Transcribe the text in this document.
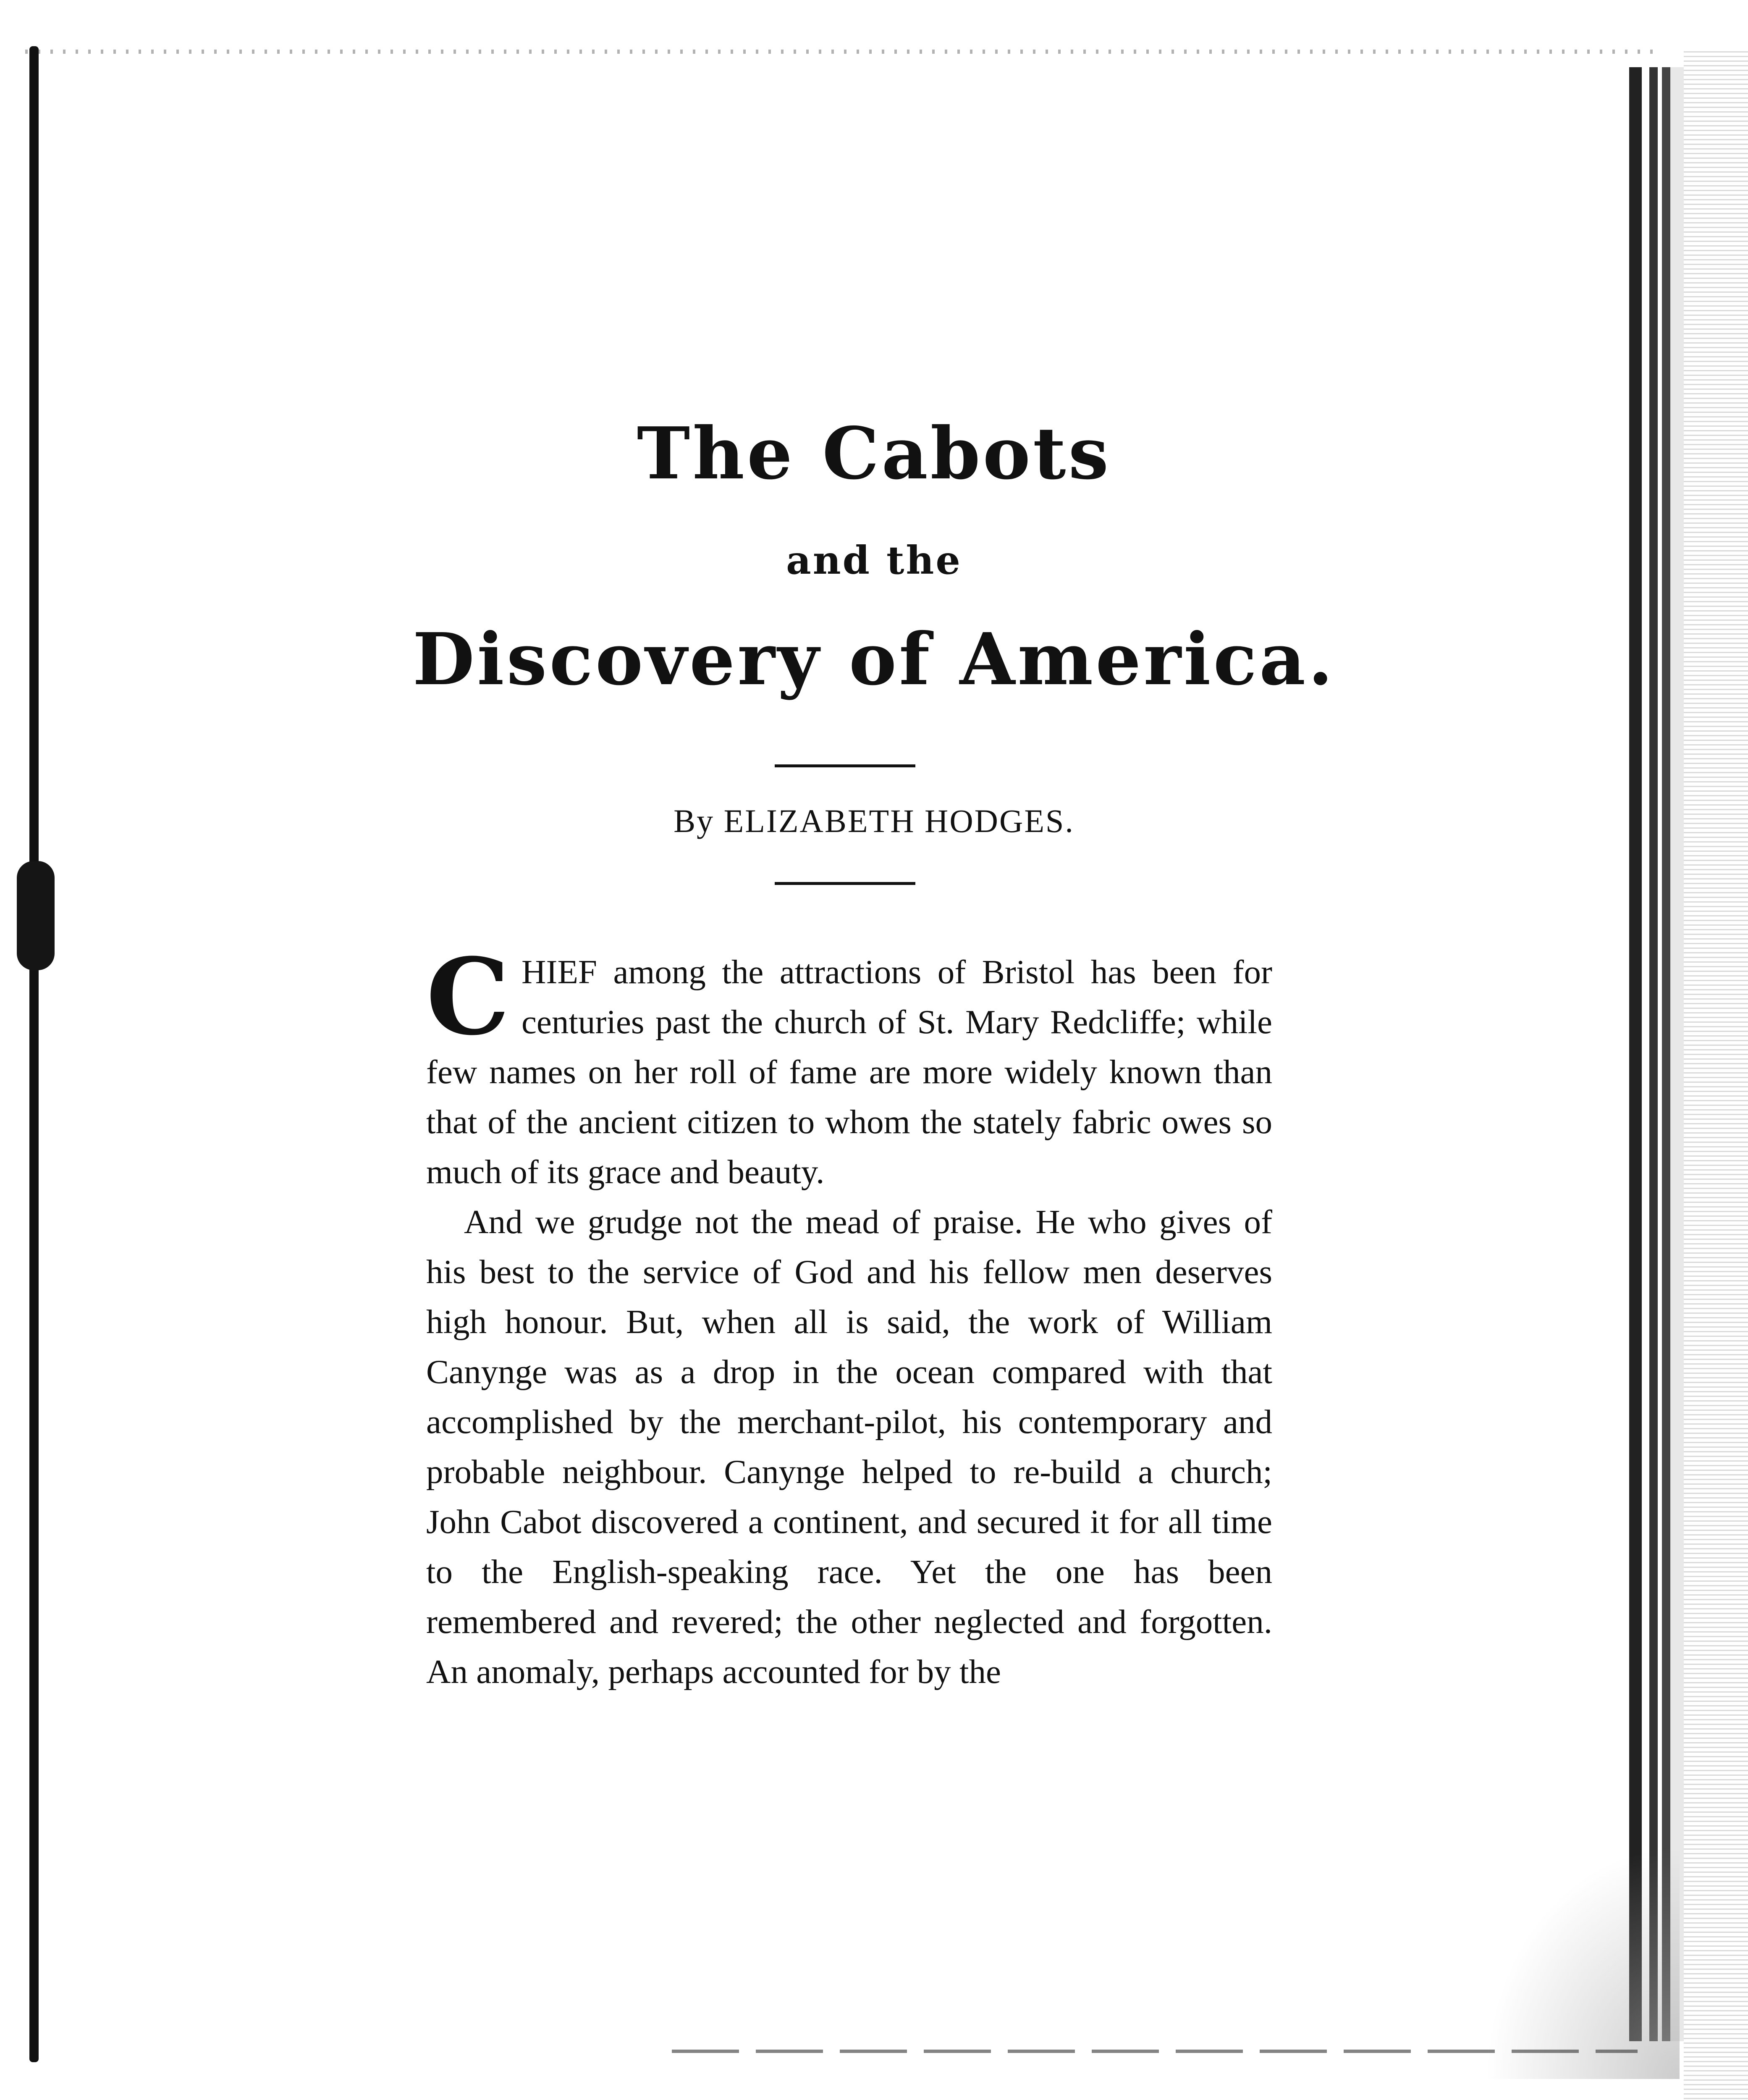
The Cabots
and the
Discovery of America.
By ELIZABETH HODGES.

CHIEF among the attractions of Bristol has been for centuries past the church of St. Mary Redcliffe; while few names on her roll of fame are more widely known than that of the ancient citizen to whom the stately fabric owes so much of its grace and beauty.

And we grudge not the mead of praise. He who gives of his best to the service of God and his fellow men deserves high honour. But, when all is said, the work of William Canynge was as a drop in the ocean compared with that accomplished by the merchant-pilot, his contemporary and probable neighbour. Canynge helped to re-build a church; John Cabot discovered a continent, and secured it for all time to the English-speaking race. Yet the one has been remembered and revered; the other neglected and forgotten. An anomaly, perhaps accounted for by the
